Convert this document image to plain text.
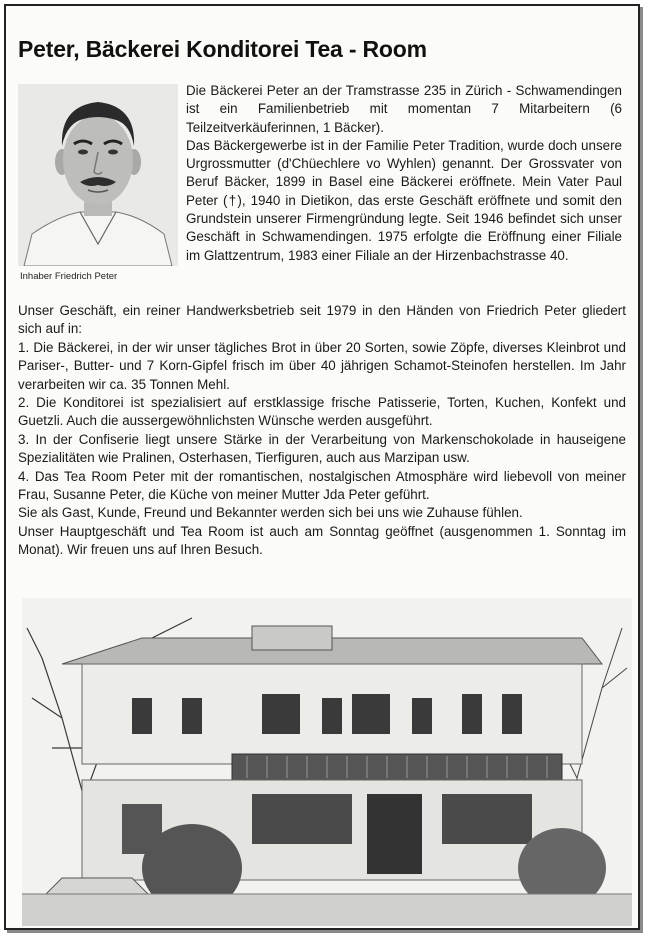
Peter, Bäckerei Konditorei Tea - Room
Inhaber Friedrich Peter

Die Bäckerei Peter an der Tramstrasse 235 in Zürich - Schwamendingen ist ein Familienbetrieb mit momentan 7 Mitarbeitern (6 Teilzeitverkäuferinnen, 1 Bäcker).

Das Bäckergewerbe ist in der Familie Peter Tradition, wurde doch unsere Urgrossmutter (d'Chüechlere vo Wyhlen) genannt. Der Grossvater von Beruf Bäcker, 1899 in Basel eine Bäckerei eröffnete. Mein Vater Paul Peter (†), 1940 in Dietikon, das erste Geschäft eröffnete und somit den Grundstein unserer Firmengründung legte. Seit 1946 befindet sich unser Geschäft in Schwamendingen. 1975 erfolgte die Eröffnung einer Filiale im Glattzentrum, 1983 einer Filiale an der Hirzenbachstrasse 40.

Unser Geschäft, ein reiner Handwerksbetrieb seit 1979 in den Händen von Friedrich Peter gliedert sich auf in:

1. Die Bäckerei, in der wir unser tägliches Brot in über 20 Sorten, sowie Zöpfe, diverses Kleinbrot und Pariser-, Butter- und 7 Korn-Gipfel frisch im über 40 jährigen Schamot-Steinofen herstellen. Im Jahr verarbeiten wir ca. 35 Tonnen Mehl.

2. Die Konditorei ist spezialisiert auf erstklassige frische Patisserie, Torten, Kuchen, Konfekt und Guetzli. Auch die aussergewöhnlichsten Wünsche werden ausgeführt.

3. In der Confiserie liegt unsere Stärke in der Verarbeitung von Markenschokolade in hauseigene Spezialitäten wie Pralinen, Osterhasen, Tierfiguren, auch aus Marzipan usw.

4. Das Tea Room Peter mit der romantischen, nostalgischen Atmosphäre wird liebevoll von meiner Frau, Susanne Peter, die Küche von meiner Mutter Jda Peter geführt.

Sie als Gast, Kunde, Freund und Bekannter werden sich bei uns wie Zuhause fühlen.

Unser Hauptgeschäft und Tea Room ist auch am Sonntag geöffnet (ausgenommen 1. Sonntag im Monat). Wir freuen uns auf Ihren Besuch.
